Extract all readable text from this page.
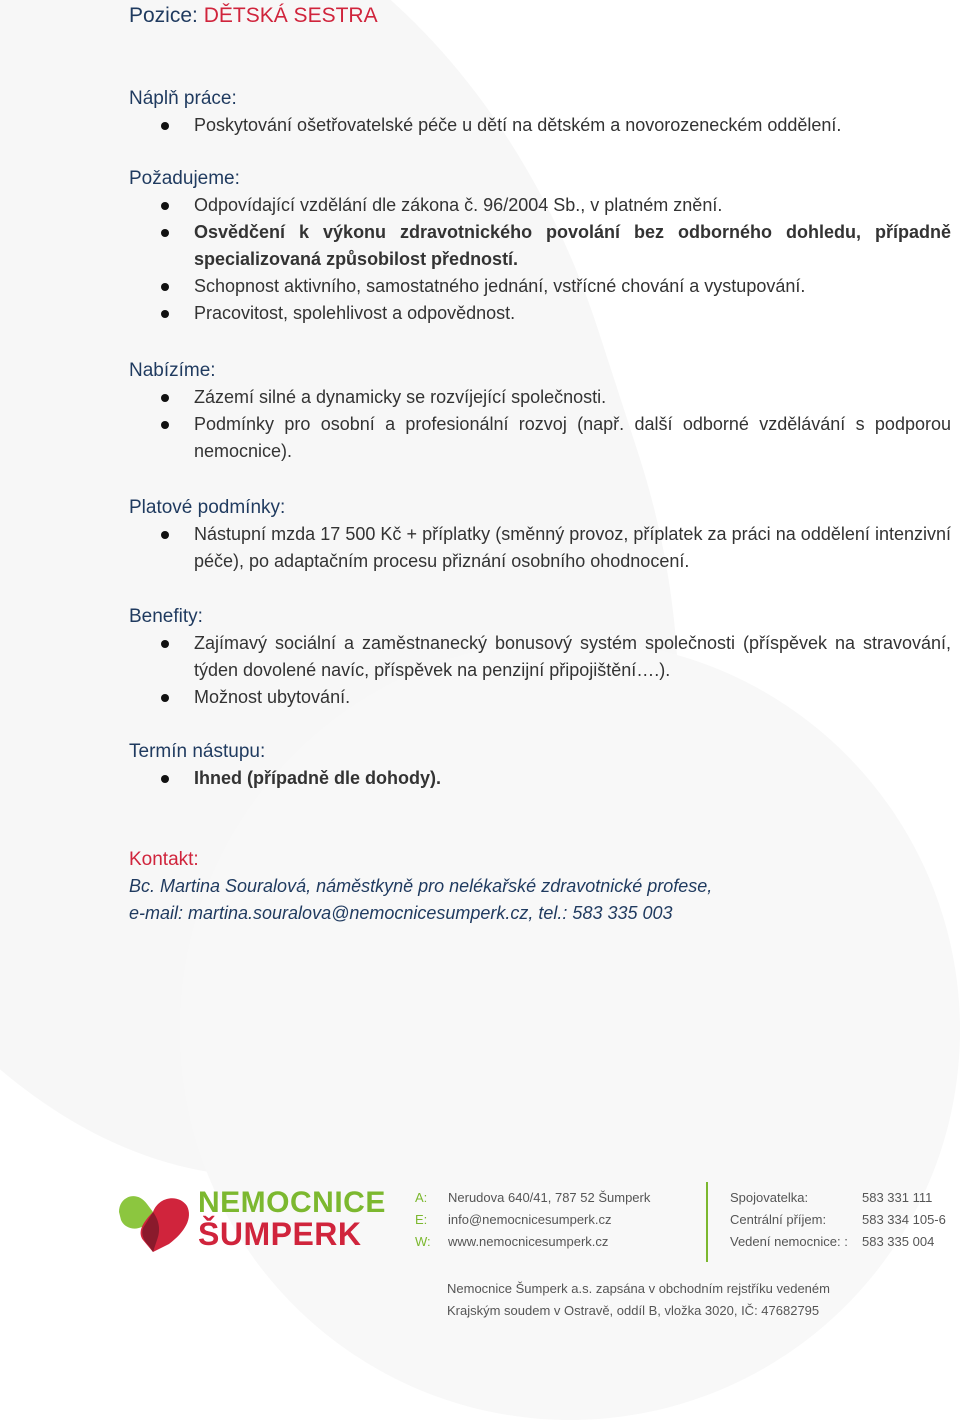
Pozice: DĚTSKÁ SESTRA
Náplň práce:
Poskytování ošetřovatelské péče u dětí na dětském a novorozeneckém oddělení.
Požadujeme:
Odpovídající vzdělání dle zákona č. 96/2004 Sb., v platném znění.
Osvědčení k výkonu zdravotnického povolání bez odborného dohledu, případně specializovaná způsobilost předností.
Schopnost aktivního, samostatného jednání, vstřícné chování a vystupování.
Pracovitost, spolehlivost a odpovědnost.
Nabízíme:
Zázemí silné a dynamicky se rozvíjející společnosti.
Podmínky pro osobní a profesionální rozvoj (např. další odborné vzdělávání s podporou nemocnice).
Platové podmínky:
Nástupní mzda 17 500 Kč + příplatky (směnný provoz, příplatek za práci na oddělení intenzivní péče), po adaptačním procesu přiznání osobního ohodnocení.
Benefity:
Zajímavý sociální a zaměstnanecký bonusový systém společnosti (příspěvek na stravování, týden dovolené navíc, příspěvek na penzijní připojištění….).
Možnost ubytování.
Termín nástupu:
Ihned (případně dle dohody).
Kontakt:
Bc. Martina Souralová, náměstkyně pro nelékařské zdravotnické profese,
e-mail: martina.souralova@nemocnicesumperk.cz, tel.: 583 335 003
NEMOCNICE
ŠUMPERK
A: Nerudova 640/41, 787 52 Šumperk	Spojovatelka:	583 331 111
E: info@nemocnicesumperk.cz	Centrální příjem:	583 334 105-6
W: www.nemocnicesumperk.cz	Vedení nemocnice: : 583 335 004
Nemocnice Šumperk a.s. zapsána v obchodním rejstříku vedeném
Krajským soudem v Ostravě, oddíl B, vložka 3020, IČ: 47682795
